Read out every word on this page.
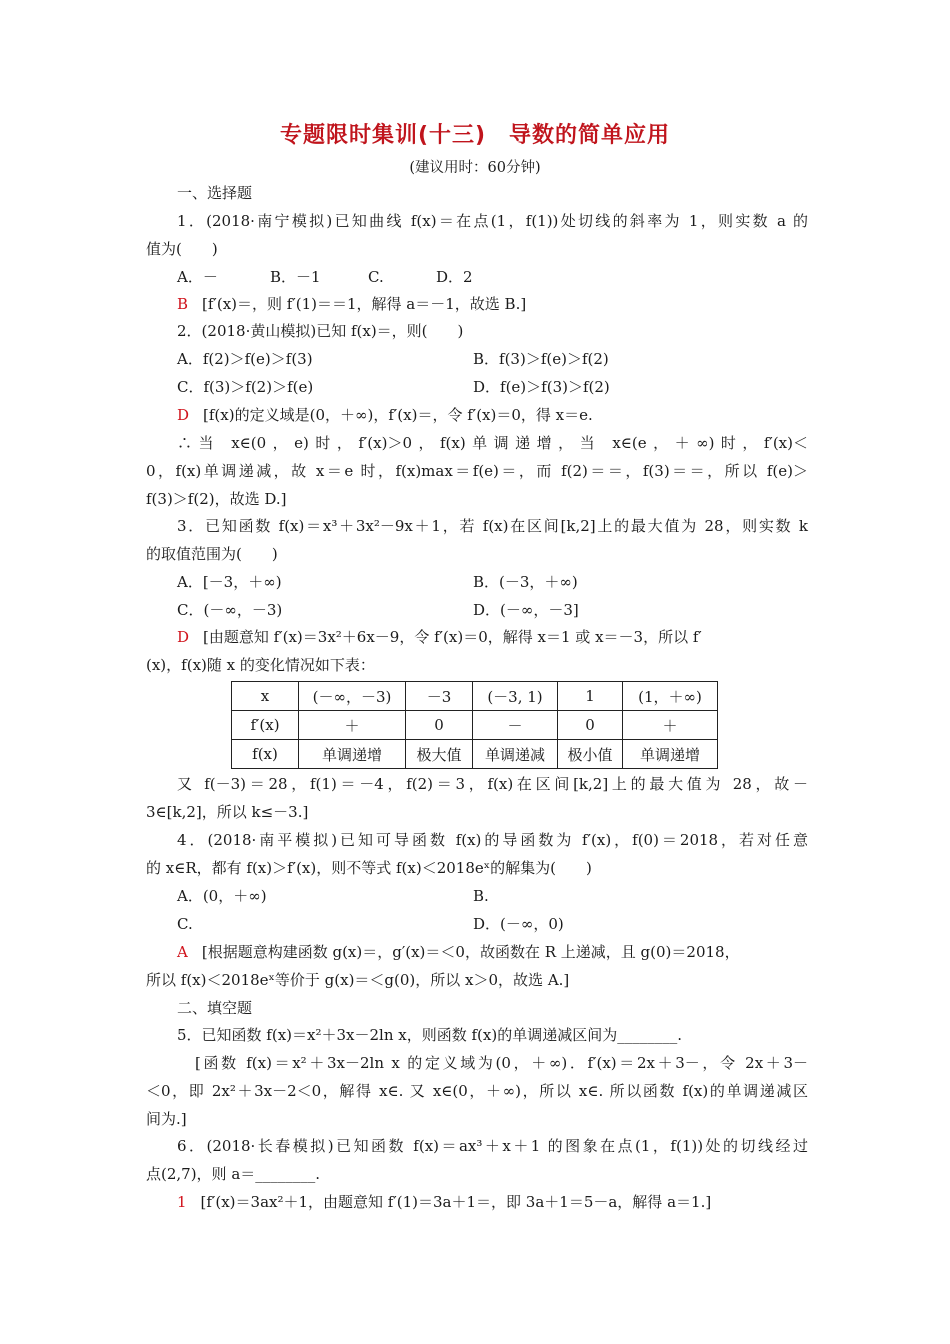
专题限时集训(十三)　导数的简单应用
(建议用时：60分钟)
一、选择题
1．(2018·南宁模拟)已知曲线 f(x)＝在点(1，f(1))处切线的斜率为 1，则实数 a 的
值为(　　)
A．－	B．－1	C.	D．2
B [f′(x)＝，则 f′(1)＝＝1，解得 a＝－1，故选 B.]
2．(2018·黄山模拟)已知 f(x)＝，则(　　)
A．f(2)＞f(e)＞f(3)	B．f(3)＞f(e)＞f(2)
C．f(3)＞f(2)＞f(e)	D．f(e)＞f(3)＞f(2)
D [f(x)的定义域是(0，＋∞)，f′(x)＝，令 f′(x)＝0，得 x＝e.
∴当 x∈(0，e)时，f′(x)＞0，f(x)单调递增，当 x∈(e，＋∞)时，f′(x)＜
0，f(x)单调递减，故 x＝e 时，f(x)max＝f(e)＝，而 f(2)＝＝，f(3)＝＝，所以 f(e)＞
f(3)＞f(2)，故选 D.]
3．已知函数 f(x)＝x³＋3x²－9x＋1，若 f(x)在区间[k,2]上的最大值为 28，则实数 k
的取值范围为(　　)
A．[－3，＋∞)	B．(－3，＋∞)
C．(－∞，－3)	D．(－∞，－3]
D [由题意知 f′(x)＝3x²＋6x－9，令 f′(x)＝0，解得 x＝1 或 x＝－3，所以 f′
(x)，f(x)随 x 的变化情况如下表：
x	(－∞，－3)	－3	(－3, 1)	1	(1，＋∞)
f′(x)	＋	0	－	0	＋
f(x)	单调递增	极大值	单调递减	极小值	单调递增
又 f(－3)＝28，f(1)＝－4，f(2)＝3，f(x)在区间[k,2]上的最大值为 28，故－
3∈[k,2]，所以 k≤－3.]
4．(2018·南平模拟)已知可导函数 f(x)的导函数为 f′(x)，f(0)＝2018，若对任意
的 x∈R，都有 f(x)＞f′(x)，则不等式 f(x)＜2018eˣ的解集为(　　)
A．(0，＋∞)	B.
C.	D．(－∞，0)
A [根据题意构建函数 g(x)＝，g′(x)＝＜0，故函数在 R 上递减，且 g(0)＝2018，
所以 f(x)＜2018eˣ等价于 g(x)＝＜g(0)，所以 x＞0，故选 A.]
二、填空题
5．已知函数 f(x)＝x²＋3x－2ln x，则函数 f(x)的单调递减区间为________.
[函数 f(x)＝x²＋3x－2ln x 的定义域为(0，＋∞)．f′(x)＝2x＋3－，令 2x＋3－
＜0，即 2x²＋3x－2＜0，解得 x∈. 又 x∈(0，＋∞)，所以 x∈. 所以函数 f(x)的单调递减区
间为.]
6．(2018·长春模拟)已知函数 f(x)＝ax³＋x＋1 的图象在点(1，f(1))处的切线经过
点(2,7)，则 a＝________.
1 [f′(x)＝3ax²＋1，由题意知 f′(1)＝3a＋1＝，即 3a＋1＝5－a，解得 a＝1.]
